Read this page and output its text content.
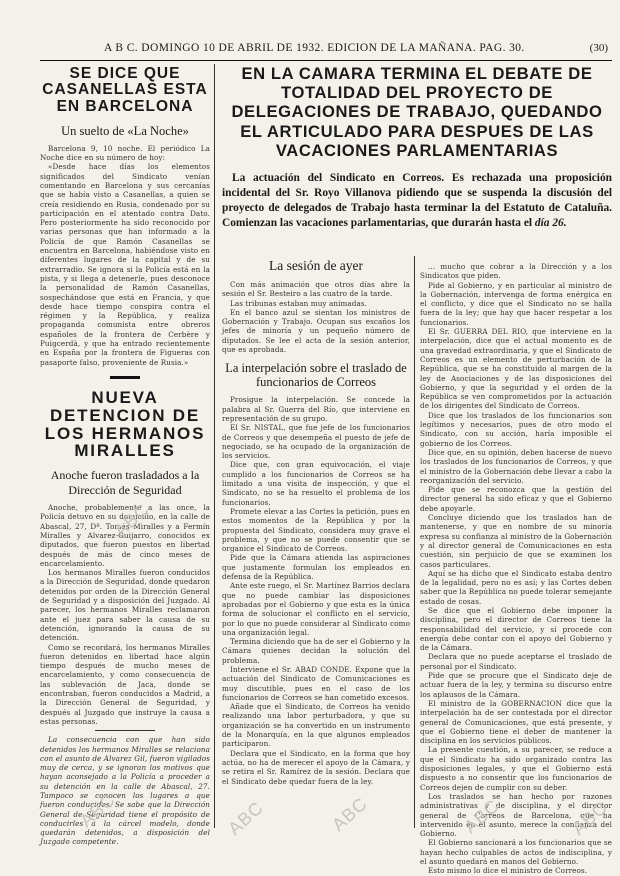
A B C. DOMINGO 10 DE ABRIL DE 1932. EDICION DE LA MAÑANA. PAG. 30.	(30)
SE DICE QUE CASANELLAS ESTA EN BARCELONA
Un suelto de «La Noche»

Barcelona 9, 10 noche. El periódico La Noche dice en su número de hoy:

«Desde hace días los elementos significados del Sindicato venían comentando en Barcelona y sus cercanías que se había visto a Casanellas, a quien se creía residiendo en Rusia, condenado por su participación en el atentado contra Dato. Pero posteriormente ha sido reconocido por varias personas que han informado a la Policía de que Ramón Casanellas se encuentra en Barcelona, habiéndose visto en diferentes lugares de la capital y de su extrarradio. Se ignora si la Policía está en la pista, y si llega a detenerle, pues desconoce la personalidad de Ramón Casanellas, sospechándose que está en Francia, y que desde hace tiempo conspira contra el régimen y la República, y realiza propaganda comunista entre obreros españoles de la frontera de Cerbère y Puigcerdà, y que ha entrado recientemente en España por la frontera de Figueras con pasaporte falso, proveniente de Rusia.»

NUEVA DETENCION DE LOS HERMANOS MIRALLES
Anoche fueron trasladados a la Dirección de Seguridad

Anoche, probablemente a las once, la Policía detuvo en su domicilio, en la calle de Abascal, 27, Dª. Tomás Miralles y a Fermín Miralles y Alvarez-Guijarro, conocidos ex diputados, que fueron puestos en libertad después de más de cinco meses de encarcelamiento.

Los hermanos Miralles fueron conducidos a la Dirección de Seguridad, donde quedaron detenidos por orden de la Dirección General de Seguridad y a disposición del Juzgado. Al parecer, los hermanos Miralles reclamaron ante el juez para saber la causa de su detención, ignorando la causa de su detención.

Como se recordará, los hermanos Miralles fueron detenidos en libertad hace algún tiempo después de mucho meses de encarcelamiento, y como consecuencia de las sublevación de Jaca, donde se encontraban, fueron conducidos a Madrid, a la Dirección General de Seguridad, y después al Juzgado que instruye la causa a estas personas.

La consecuencia con que han sido detenidos los hermanos Miralles se relaciona con el asunto de Alvarez Gil, fueron vigilados muy de cerca, y se ignoran los motivos que hayan aconsejado a la Policía a proceder a su detención en la calle de Abascal, 27. Tampoco se conocen los lugares a que fueron conducidos. Se sabe que la Dirección General de Seguridad tiene el propósito de conducirles a la cárcel modelo, donde quedarán detenidos, a disposición del Juzgado competente.

EN LA CAMARA TERMINA EL DEBATE DE TOTALIDAD DEL PROYECTO DE DELEGACIONES DE TRABAJO, QUEDANDO EL ARTICULADO PARA DESPUES DE LAS VACACIONES PARLAMENTARIAS
La actuación del Sindicato en Correos. Es rechazada una proposición incidental del Sr. Royo Villanova pidiendo que se suspenda la discusión del proyecto de delegados de Trabajo hasta terminar la del Estatuto de Cataluña. Comienzan las vacaciones parlamentarias, que durarán hasta el día 26.
La sesión de ayer

Con más animación que otros días abre la sesión el Sr. Besteiro a las cuatro de la tarde.

Las tribunas estaban muy animadas.

En el banco azul se sientan los ministros de Gobernación y Trabajo. Ocupan sus escaños los jefes de minoría y un pequeño número de diputados. Se lee el acta de la sesión anterior, que es aprobada.

La interpelación sobre el traslado de funcionarios de Correos

Prosigue la interpelación. Se concede la palabra al Sr. Guerra del Río, que interviene en representación de su grupo.

El Sr. NISTAL, que fue jefe de los funcionarios de Correos y que desempeña el puesto de jefe de negociado, se ha ocupado de la organización de los servicios.

Dice que, con gran equivocación, el viaje cumplido a los funcionarios de Correos se ha limitado a una visita de inspección, y que el Sindicato, no se ha resuelto el problema de los funcionarios.

Promete elevar a las Cortes la petición, pues en estos momentos de la República y por la propuesta del Sindicato, considera muy grave el problema, y que no se puede consentir que se organice el Sindicato de Correos.

Pide que la Cámara atienda las aspiraciones que justamente formulan los empleados en defensa de la República.

Ante este ruego, el Sr. Martínez Barrios declara que no puede cambiar las disposiciones aprobadas por el Gobierno y que esta es la única forma de solucionar el conflicto en el servicio, por lo que no puede considerar al Sindicato como una organización legal.

Termina diciendo que ha de ser el Gobierno y la Cámara quienes decidan la solución del problema.

Interviene el Sr. ABAD CONDE. Expone que la actuación del Sindicato de Comunicaciones es muy discutible, pues en el caso de los funcionarios de Correos se han cometido excesos.

Añade que el Sindicato, de Correos ha venido realizando una labor perturbadora, y que su organización se ha convertido en un instrumento de la Monarquía, en la que algunos empleados participaron.

Declara que el Sindicato, en la forma que hoy actúa, no ha de merecer el apoyo de la Cámara, y se retira el Sr. Ramírez de la sesión. Declara que el Sindicato debe quedar fuera de la ley.

... mucho que cobrar a la Dirección y a los Sindicatos que piden.

Pide al Gobierno, y en particular al ministro de la Gobernación, intervenga de forma enérgica en el conflicto, y dice que el Sindicato no se halla fuera de la ley; que hay que hacer respetar a los funcionarios.

El Sr. GUERRA DEL RIO, que interviene en la interpelación, dice que el actual momento es de una gravedad extraordinaria, y que el Sindicato de Correos es un elemento de perturbación de la República, que se ha constituido al margen de la ley de Asociaciones y de las disposiciones del Gobierno, y que la seguridad y el orden de la República se ven comprometidos por la actuación de los dirigentes del Sindicato de Correos.

Dice que los traslados de los funcionarios son legítimos y necesarios, pues de otro modo el Sindicato, con su acción, haría imposible el gobierno de los Correos.

Dice que, en su opinión, deben hacerse de nuevo los traslados de los funcionarios de Correos, y que el ministro de la Gobernación debe llevar a cabo la reorganización del servicio.

Pide que se reconozca que la gestión del director general ha sido eficaz y que el Gobierno debe apoyarle.

Concluye diciendo que los traslados han de mantenerse, y que en nombre de su minoría expresa su confianza al ministro de la Gobernación y al director general de Comunicaciones en esta cuestión, sin perjuicio de que se examinen los casos particulares.

Aquí se ha dicho que el Sindicato estaba dentro de la legalidad, pero no es así; y las Cortes deben saber que la República no puede tolerar semejante estado de cosas.

Se dice que el Gobierno debe imponer la disciplina, pero el director de Correos tiene la responsabilidad del servicio, y si procede con energía debe contar con el apoyo del Gobierno y de la Cámara.

Declara que no puede aceptarse el traslado de personal por el Sindicato.

Pide que se procure que el Sindicato deje de actuar fuera de la ley, y termina su discurso entre los aplausos de la Cámara.

El ministro de la GOBERNACION dice que la interpelación ha de ser contestada por el director general de Comunicaciones, que está presente, y que el Gobierno tiene el deber de mantener la disciplina en los servicios públicos.

La presente cuestión, a su parecer, se reduce a que el Sindicato ha sido organizado contra las disposiciones legales, y que el Gobierno está dispuesto a no consentir que los funcionarios de Correos dejen de cumplir con su deber.

Los traslados se han hecho por razones administrativas y de disciplina, y el director general de Correos de Barcelona, que ha intervenido en el asunto, merece la confianza del Gobierno.

El Gobierno sancionará a los funcionarios que se hayan hecho culpables de actos de indisciplina, y el asunto quedará en manos del Gobierno.

Esto mismo lo dice el ministro de Correos.

ABC	ABC	ABC	ABC	ABC
ABC
